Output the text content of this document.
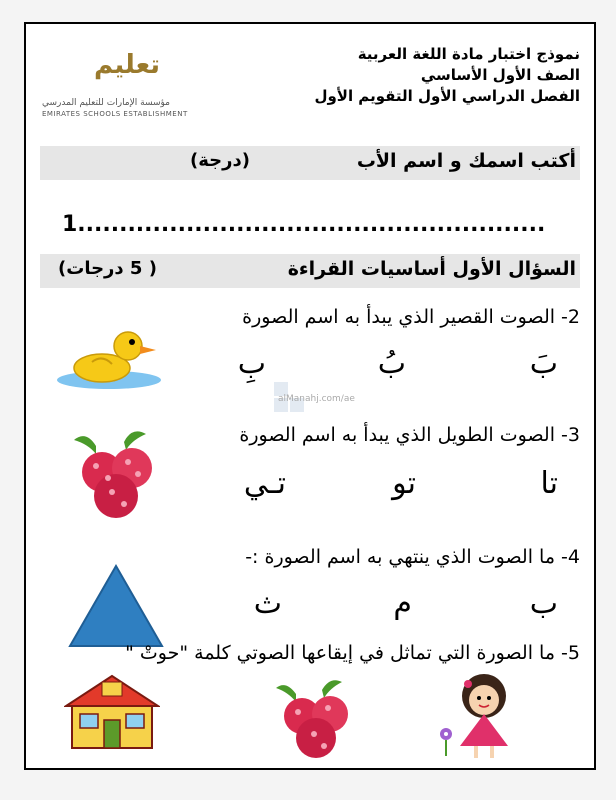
نموذج اختبار مادة اللغة العربية
الصف الأول الأساسي
الفصل الدراسي الأول التقويم الأول
تعليم
مؤسسة الإمارات للتعليم المدرسي
EMIRATES SCHOOLS ESTABLISHMENT
أكتب اسمك و اسم الأب
(درجة)
1........................................................
السؤال الأول أساسيات القراءة
( 5 درجات)
2- الصوت القصير الذي يبدأ به اسم الصورة
بَ
بُ
بِ
alManahj.com/ae
3- الصوت الطويل الذي يبدأ به اسم الصورة
تا
تو
تـي
4- ما الصوت الذي ينتهي به اسم الصورة :-
ب
م
ث
5- ما الصورة التي تماثل في إيقاعها الصوتي كلمة "حوتْ "
